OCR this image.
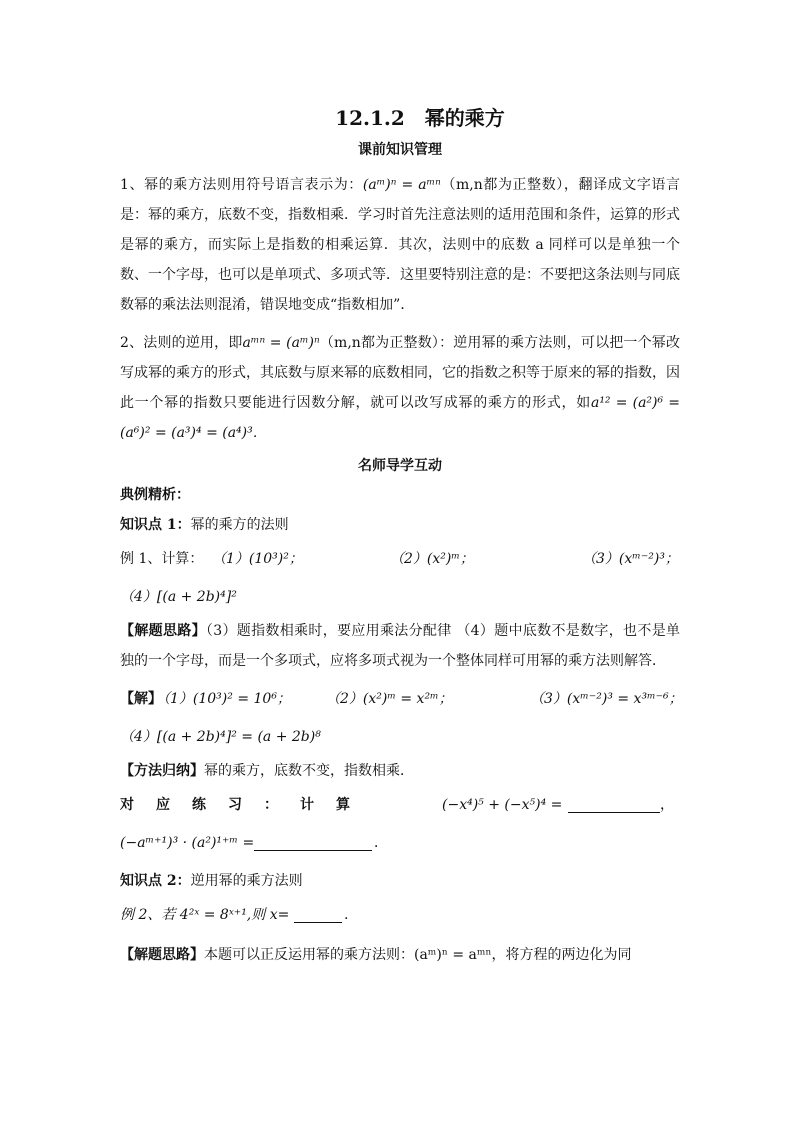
12.1.2　幂的乘方
课前知识管理

1、幂的乘方法则用符号语言表示为：(aᵐ)ⁿ = aᵐⁿ（m,n都为正整数），翻译成文字语言是：幂的乘方，底数不变，指数相乘．学习时首先注意法则的适用范围和条件，运算的形式是幂的乘方，而实际上是指数的相乘运算．其次，法则中的底数 a 同样可以是单独一个数、一个字母，也可以是单项式、多项式等．这里要特别注意的是：不要把这条法则与同底数幂的乘法法则混淆，错误地变成“指数相加”．

2、法则的逆用，即aᵐⁿ = (aᵐ)ⁿ（m,n都为正整数）：逆用幂的乘方法则，可以把一个幂改写成幂的乘方的形式，其底数与原来幂的底数相同，它的指数之积等于原来的幂的指数，因此一个幂的指数只要能进行因数分解，就可以改写成幂的乘方的形式，如a¹² = (a²)⁶ = (a⁶)² = (a³)⁴ = (a⁴)³．

名师导学互动
典例精析：
知识点 1：幂的乘方的法则
例 1、计算： （1）(10³)²；	（2）(x²)ᵐ；	（3）(xᵐ⁻²)³；
（4）[(a + 2b)⁴]²

【解题思路】（3）题指数相乘时，要应用乘法分配律 （4）题中底数不是数字，也不是单独的一个字母，而是一个多项式，应将多项式视为一个整体同样可用幂的乘方法则解答．

【解】
（1）(10³)² = 10⁶；	（2）(x²)ᵐ = x²ᵐ；	（3）(xᵐ⁻²)³ = x³ᵐ⁻⁶；
（4）[(a + 2b)⁴]² = (a + 2b)⁸
【方法归纳】幂的乘方，底数不变，指数相乘．
对应练习：计算	(−x⁴)⁵ + (−x⁵)⁴ =	，
(−aᵐ⁺¹)³ · (a²)¹⁺ᵐ =	．
知识点 2：逆用幂的乘方法则
例 2、若 4²ˣ = 8ˣ⁺¹,则 x=	.
【解题思路】本题可以正反运用幂的乘方法则：(aᵐ)ⁿ = aᵐⁿ，将方程的两边化为同
